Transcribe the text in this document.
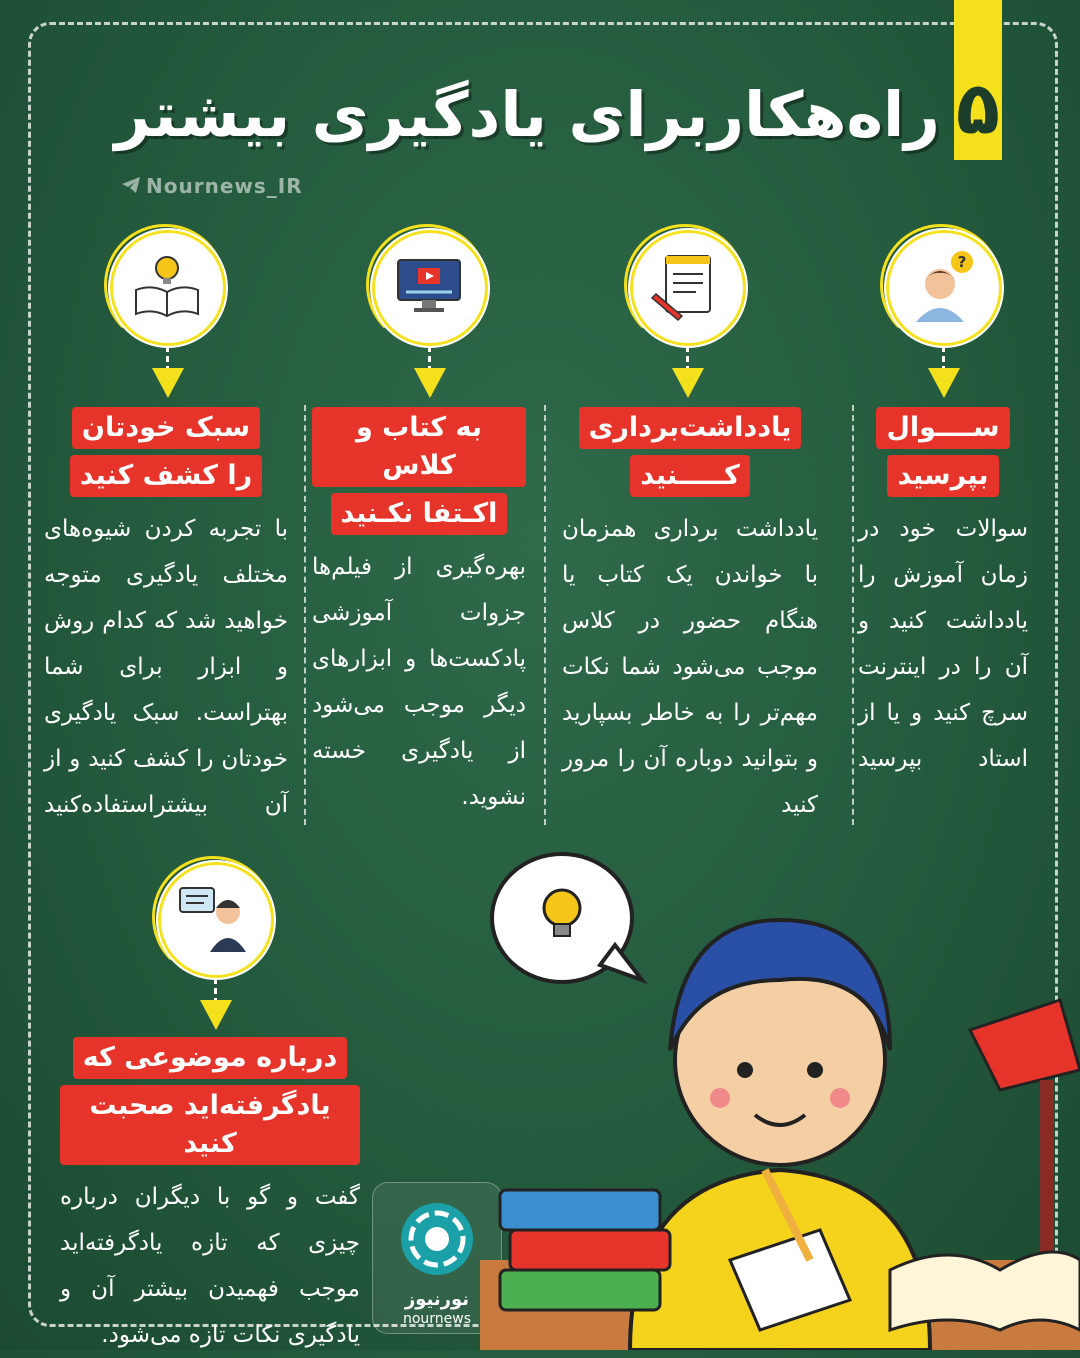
۵
راه‌هکاربرای یادگیری بیشتر
Nournews_IR
?
ســــوال
بپرسید
سوالات خود در زمان آموزش را یادداشت کنید و آن را در اینترنت سرچ کنید و یا از استاد بپرسید
یادداشت‌برداری
کـــــنید
یادداشت برداری همزمان با خواندن یک کتاب یا هنگام حضور در کلاس موجب می‌شود شما نکات مهم‌تر را به خاطر بسپارید و بتوانید دوباره آن را مرور کنید
به کتاب و کلاس
اکـتفا نکـنید
بهره‌گیری از فیلم‌ها جزوات آموزشی پادکست‌ها و ابزارهای دیگر موجب می‌شود از یادگیری خسته نشوید.
سبک خودتان
را کشف کنید
با تجربه کردن شیوه‌های مختلف یادگیری متوجه خواهید شد که کدام روش و ابزار برای شما بهتراست. سبک یادگیری خودتان را کشف کنید و از آن بیشتراستفاده‌کنید
درباره موضوعی که
یادگرفته‌اید صحبت کنید
گفت و گو با دیگران درباره چیزی که تازه یادگرفته‌اید موجب فهمیدن بیشتر آن و یادگیری نکات تازه می‌شود.
نورنیوز
nournews
